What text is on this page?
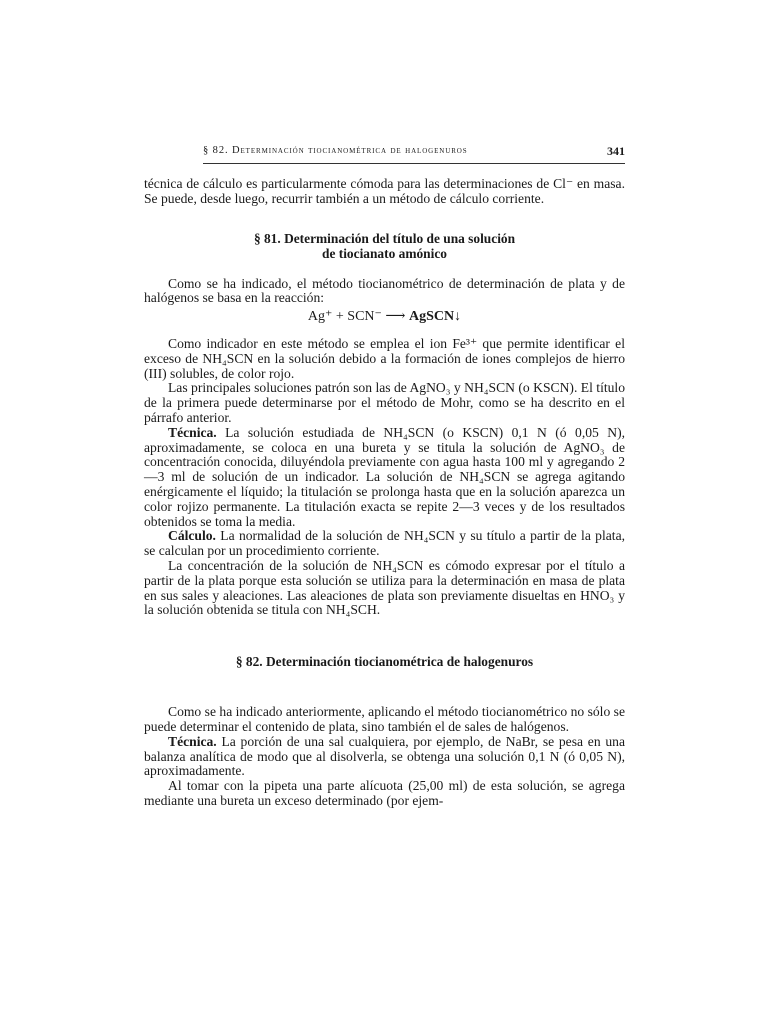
§ 82. Determinación tiocianométrica de halogenuros	341

técnica de cálculo es particularmente cómoda para las determinaciones de Cl⁻ en masa. Se puede, desde luego, recurrir también a un método de cálculo corriente.

§ 81. Determinación del título de una solución
de tiocianato amónico

Como se ha indicado, el método tiocianométrico de determinación de plata y de halógenos se basa en la reacción:

Ag⁺ + SCN⁻ ⟶ AgSCN↓

Como indicador en este método se emplea el ion Fe³⁺ que permite identificar el exceso de NH₄SCN en la solución debido a la formación de iones complejos de hierro (III) solubles, de color rojo.

Las principales soluciones patrón son las de AgNO₃ y NH₄SCN (o KSCN). El título de la primera puede determinarse por el método de Mohr, como se ha descrito en el párrafo anterior.

Técnica. La solución estudiada de NH₄SCN (o KSCN) 0,1 N (ó 0,05 N), aproximadamente, se coloca en una bureta y se titula la solución de AgNO₃ de concentración conocida, diluyéndola previamente con agua hasta 100 ml y agregando 2—3 ml de solución de un indicador. La solución de NH₄SCN se agrega agitando enérgicamente el líquido; la titulación se prolonga hasta que en la solución aparezca un color rojizo permanente. La titulación exacta se repite 2—3 veces y de los resultados obtenidos se toma la media.

Cálculo. La normalidad de la solución de NH₄SCN y su título a partir de la plata, se calculan por un procedimiento corriente.

La concentración de la solución de NH₄SCN es cómodo expresar por el título a partir de la plata porque esta solución se utiliza para la determinación en masa de plata en sus sales y aleaciones. Las aleaciones de plata son previamente disueltas en HNO₃ y la solución obtenida se titula con NH₄SCH.

§ 82. Determinación tiocianométrica de halogenuros

Como se ha indicado anteriormente, aplicando el método tiocianométrico no sólo se puede determinar el contenido de plata, sino también el de sales de halógenos.

Técnica. La porción de una sal cualquiera, por ejemplo, de NaBr, se pesa en una balanza analítica de modo que al disolverla, se obtenga una solución 0,1 N (ó 0,05 N), aproximadamente.

Al tomar con la pipeta una parte alícuota (25,00 ml) de esta solución, se agrega mediante una bureta un exceso determinado (por ejem-
